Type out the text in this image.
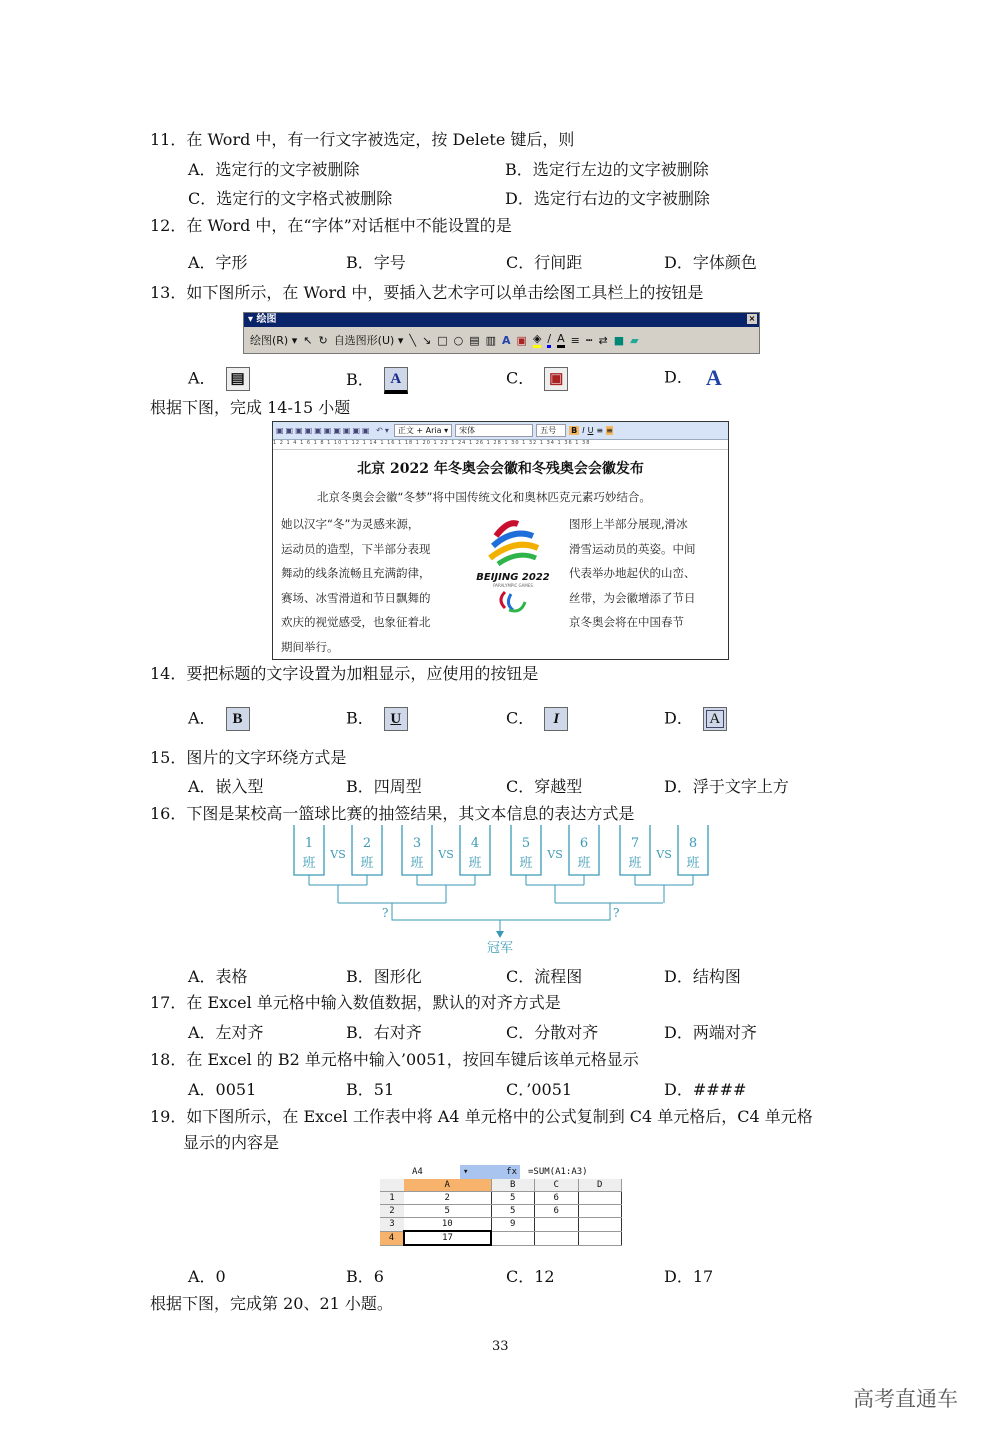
11．在 Word 中，有一行文字被选定，按 Delete 键后，则
A．选定行的文字被删除	B．选定行左边的文字被删除
C．选定行的文字格式被删除	D．选定行右边的文字被删除
12．在 Word 中，在“字体”对话框中不能设置的是
A．字形	B．字号	C．行间距	D．字体颜色
13．如下图所示，在 Word 中，要插入艺术字可以单击绘图工具栏上的按钮是
▾ 绘图	×
绘图(R) ▾ ↖ ↻ 自选图形(U) ▾ ╲ ↘ □ ○ ▤ ▥ A ▣ ◈ ∕ A ≡ ┅ ⇄ ■ ▰
A． ▤	B． A	C． ▣	D． A
根据下图，完成 14-15 小题
▣▣▣▣▣▣▣▣▣▣ ↶▾ 正文 + Aria ▾	宋体	五号	B I U ≡ ≡
1 2 1 4 1 6 1 8 1 10 1 12 1 14 1 16 1 18 1 20 1 22 1 24 1 26 1 28 1 30 1 32 1 34 1 36 1 38
北京 2022 年冬奥会会徽和冬残奥会会徽发布
北京冬奥会会徽“冬梦”将中国传统文化和奥林匹克元素巧妙结合。
她以汉字“冬”为灵感来源，
运动员的造型，下半部分表现
舞动的线条流畅且充满韵律，
赛场、冰雪滑道和节日飘舞的
欢庆的视觉感受，也象征着北
期间举行。
图形上半部分展现,滑冰
滑雪运动员的英姿。中间
代表举办地起伏的山峦、
丝带，为会徽增添了节日
京冬奥会将在中国春节
BEIJING 2022
PARALYMPIC GAMES
14．要把标题的文字设置为加粗显示，应使用的按钮是
A． B	B． U	C． I	D． A
15．图片的文字环绕方式是
A．嵌入型	B．四周型	C．穿越型	D．浮于文字上方
16．下图是某校高一篮球比赛的抽签结果，其文本信息的表达方式是
1
班
2
班
3
班
4
班
5
班
6
班
7
班
8
班
VS	VS	VS	VS
?	?
冠军
A．表格	B．图形化	C．流程图	D．结构图
17．在 Excel 单元格中输入数值数据，默认的对齐方式是
A．左对齐	B．右对齐	C．分散对齐	D．两端对齐
18．在 Excel 的 B2 单元格中输入’0051，按回车键后该单元格显示
A．0051	B．51	C．’0051	D．####
19．如下图所示，在 Excel 工作表中将 A4 单元格中的公式复制到 C4 单元格后，C4 单元格
显示的内容是
A4	▾	fx	=SUM(A1:A3)
	A	B	C	D
1	2	5	6	
2	5	5	6	
3	10	9		
4	17			
A．0	B．6	C．12	D．17
根据下图，完成第 20、21 小题。
33
高考直通车
